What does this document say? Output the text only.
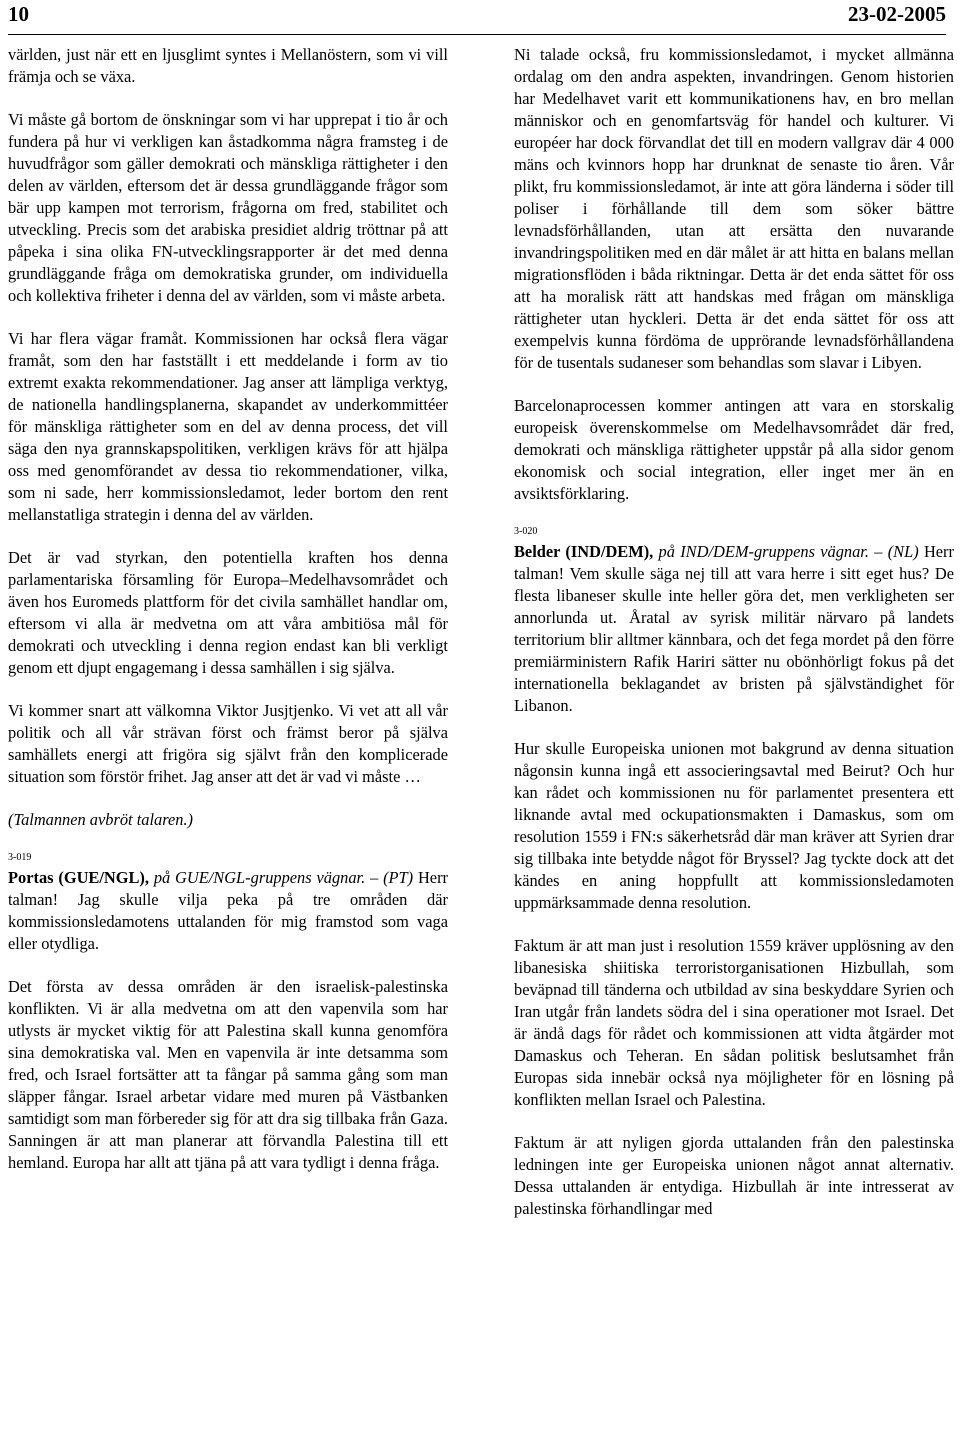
10	23-02-2005

världen, just när ett en ljusglimt syntes i Mellanöstern, som vi vill främja och se växa.

Vi måste gå bortom de önskningar som vi har upprepat i tio år och fundera på hur vi verkligen kan åstadkomma några framsteg i de huvudfrågor som gäller demokrati och mänskliga rättigheter i den delen av världen, eftersom det är dessa grundläggande frågor som bär upp kampen mot terrorism, frågorna om fred, stabilitet och utveckling. Precis som det arabiska presidiet aldrig tröttnar på att påpeka i sina olika FN-utvecklingsrapporter är det med denna grundläggande fråga om demokratiska grunder, om individuella och kollektiva friheter i denna del av världen, som vi måste arbeta.

Vi har flera vägar framåt. Kommissionen har också flera vägar framåt, som den har fastställt i ett meddelande i form av tio extremt exakta rekommendationer. Jag anser att lämpliga verktyg, de nationella handlingsplanerna, skapandet av underkommittéer för mänskliga rättigheter som en del av denna process, det vill säga den nya grannskapspolitiken, verkligen krävs för att hjälpa oss med genomförandet av dessa tio rekommendationer, vilka, som ni sade, herr kommissionsledamot, leder bortom den rent mellanstatliga strategin i denna del av världen.

Det är vad styrkan, den potentiella kraften hos denna parlamentariska församling för Europa–Medelhavsområdet och även hos Euromeds plattform för det civila samhället handlar om, eftersom vi alla är medvetna om att våra ambitiösa mål för demokrati och utveckling i denna region endast kan bli verkligt genom ett djupt engagemang i dessa samhällen i sig själva.

Vi kommer snart att välkomna Viktor Jusjtjenko. Vi vet att all vår politik och all vår strävan först och främst beror på själva samhällets energi att frigöra sig självt från den komplicerade situation som förstör frihet. Jag anser att det är vad vi måste …

(Talmannen avbröt talaren.)

3-019

Portas (GUE/NGL), på GUE/NGL-gruppens vägnar. – (PT) Herr talman! Jag skulle vilja peka på tre områden där kommissionsledamotens uttalanden för mig framstod som vaga eller otydliga.

Det första av dessa områden är den israelisk-palestinska konflikten. Vi är alla medvetna om att den vapenvila som har utlysts är mycket viktig för att Palestina skall kunna genomföra sina demokratiska val. Men en vapenvila är inte detsamma som fred, och Israel fortsätter att ta fångar på samma gång som man släpper fångar. Israel arbetar vidare med muren på Västbanken samtidigt som man förbereder sig för att dra sig tillbaka från Gaza. Sanningen är att man planerar att förvandla Palestina till ett hemland. Europa har allt att tjäna på att vara tydligt i denna fråga.

Ni talade också, fru kommissionsledamot, i mycket allmänna ordalag om den andra aspekten, invandringen. Genom historien har Medelhavet varit ett kommunikationens hav, en bro mellan människor och en genomfartsväg för handel och kulturer. Vi européer har dock förvandlat det till en modern vallgrav där 4 000 mäns och kvinnors hopp har drunknat de senaste tio åren. Vår plikt, fru kommissionsledamot, är inte att göra länderna i söder till poliser i förhållande till dem som söker bättre levnadsförhållanden, utan att ersätta den nuvarande invandringspolitiken med en där målet är att hitta en balans mellan migrationsflöden i båda riktningar. Detta är det enda sättet för oss att ha moralisk rätt att handskas med frågan om mänskliga rättigheter utan hyckleri. Detta är det enda sättet för oss att exempelvis kunna fördöma de upprörande levnadsförhållandena för de tusentals sudaneser som behandlas som slavar i Libyen.

Barcelonaprocessen kommer antingen att vara en storskalig europeisk överenskommelse om Medelhavsområdet där fred, demokrati och mänskliga rättigheter uppstår på alla sidor genom ekonomisk och social integration, eller inget mer än en avsiktsförklaring.

3-020

Belder (IND/DEM), på IND/DEM-gruppens vägnar. – (NL) Herr talman! Vem skulle säga nej till att vara herre i sitt eget hus? De flesta libaneser skulle inte heller göra det, men verkligheten ser annorlunda ut. Åratal av syrisk militär närvaro på landets territorium blir alltmer kännbara, och det fega mordet på den förre premiärministern Rafik Hariri sätter nu obönhörligt fokus på det internationella beklagandet av bristen på självständighet för Libanon.

Hur skulle Europeiska unionen mot bakgrund av denna situation någonsin kunna ingå ett associeringsavtal med Beirut? Och hur kan rådet och kommissionen nu för parlamentet presentera ett liknande avtal med ockupationsmakten i Damaskus, som om resolution 1559 i FN:s säkerhetsråd där man kräver att Syrien drar sig tillbaka inte betydde något för Bryssel? Jag tyckte dock att det kändes en aning hoppfullt att kommissionsledamoten uppmärksammade denna resolution.

Faktum är att man just i resolution 1559 kräver upplösning av den libanesiska shiitiska terroristorganisationen Hizbullah, som beväpnad till tänderna och utbildad av sina beskyddare Syrien och Iran utgår från landets södra del i sina operationer mot Israel. Det är ändå dags för rådet och kommissionen att vidta åtgärder mot Damaskus och Teheran. En sådan politisk beslutsamhet från Europas sida innebär också nya möjligheter för en lösning på konflikten mellan Israel och Palestina.

Faktum är att nyligen gjorda uttalanden från den palestinska ledningen inte ger Europeiska unionen något annat alternativ. Dessa uttalanden är entydiga. Hizbullah är inte intresserat av palestinska förhandlingar med
